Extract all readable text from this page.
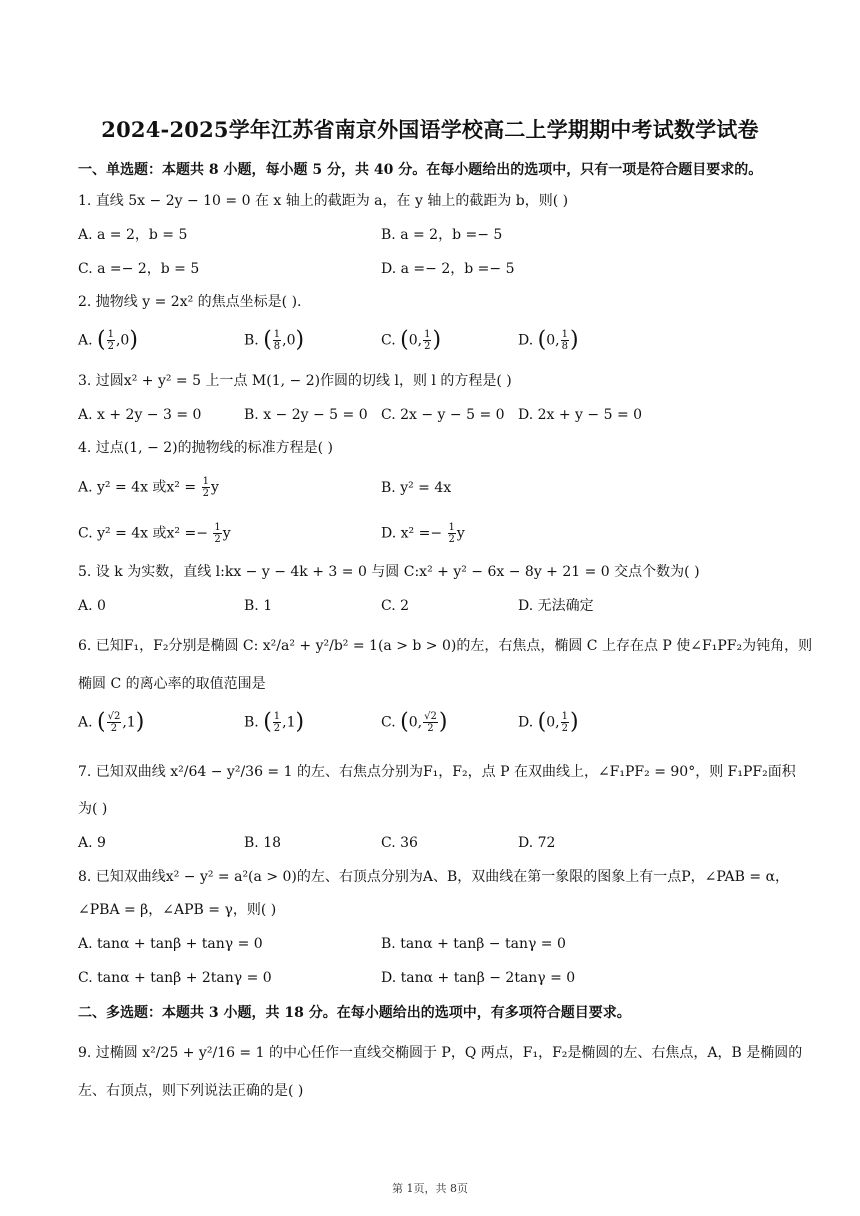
2024-2025学年江苏省南京外国语学校高二上学期期中考试数学试卷
一、单选题：本题共 8 小题，每小题 5 分，共 40 分。在每小题给出的选项中，只有一项是符合题目要求的。
1. 直线 5x − 2y − 10 = 0 在 x 轴上的截距为 a，在 y 轴上的截距为 b，则( )
A. a = 2，b = 5	B. a = 2，b =− 5
C. a =− 2，b = 5	D. a =− 2，b =− 5
2. 抛物线 y = 2x² 的焦点坐标是( ).
A. ( $\frac{1}{2} ,0$)	B. ( $\frac{1}{8} ,0$)	C. (0, $\frac{1}{2}$ )	D. (0, $\frac{1}{8}$ )
3. 过圆x² + y² = 5 上一点 M(1, − 2)作圆的切线 l，则 l 的方程是( )
A. x + 2y − 3 = 0	B. x − 2y − 5 = 0 C. 2x − y − 5 = 0 D. 2x + y − 5 = 0
4. 过点(1, − 2)的抛物线的标准方程是( )
A. y² = 4x 或$x^2 = \frac{1}{2}$ y	B. y² = 4x
C. y² = 4x 或$x^2 =- \frac{1}{2}$ y	D. $x^2 =- \frac{1}{2}$ y
5. 设 k 为实数，直线 l:kx − y − 4k + 3 = 0 与圆 C:x² + y² − 6x − 8y + 21 = 0 交点个数为( )
A. 0	B. 1	C. 2	D. 无法确定
6. 已知F₁，F₂分别是椭圆 C: x²/a² + y²/b² = 1(a > b > 0)的左，右焦点，椭圆 C 上存在点 P 使∠F₁PF₂为钝角，则
椭圆 C 的离心率的取值范围是
A. ( $\frac{√2}{2} ,1$)	B. ( $\frac{1}{2} ,1$)	C. (0, $\frac{√2}{2}$ )	D. (0, $\frac{1}{2}$ )
7. 已知双曲线 x²/64 − y²/36 = 1 的左、右焦点分别为F₁，F₂，点 P 在双曲线上，∠F₁PF₂ = 90°，则 F₁PF₂面积
为( )
A. 9	B. 18	C. 36	D. 72
8. 已知双曲线x² − y² = a²(a > 0)的左、右顶点分别为A、B，双曲线在第一象限的图象上有一点P，∠PAB = α，
∠PBA = β，∠APB = γ，则( )
A. tanα + tanβ + tanγ = 0	B. tanα + tanβ − tanγ = 0
C. tanα + tanβ + 2tanγ = 0	D. tanα + tanβ − 2tanγ = 0
二、多选题：本题共 3 小题，共 18 分。在每小题给出的选项中，有多项符合题目要求。
9. 过椭圆 x²/25 + y²/16 = 1 的中心任作一直线交椭圆于 P，Q 两点，F₁，F₂是椭圆的左、右焦点，A，B 是椭圆的
左、右顶点，则下列说法正确的是( )
第 1页，共 8页
